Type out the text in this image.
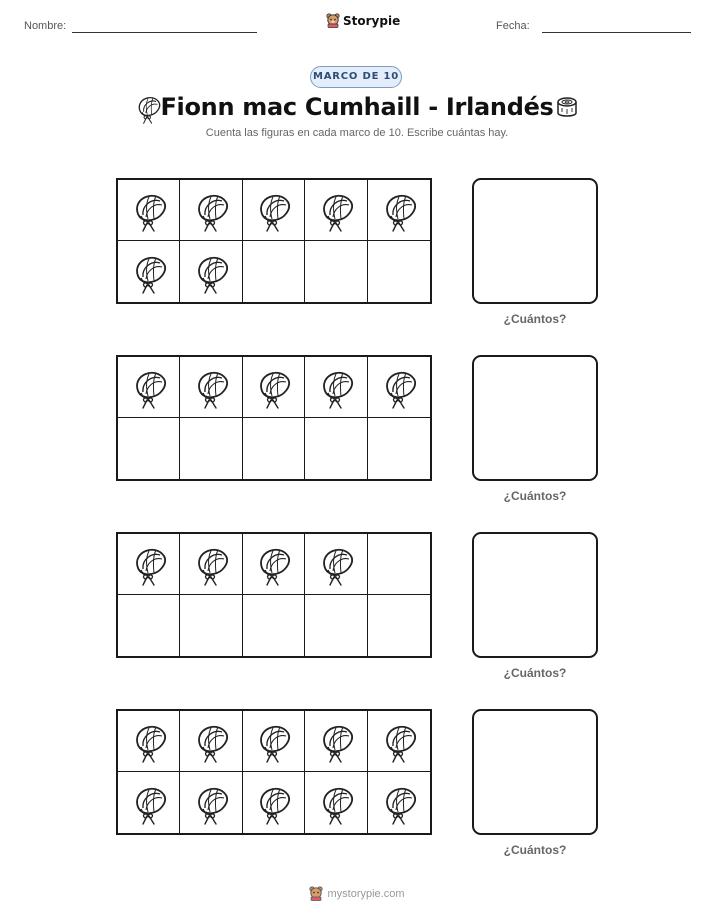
Nombre:	Storypie	Fecha:
MARCO DE 10
Fionn mac Cumhaill - Irlandés
Cuenta las figuras en cada marco de 10. Escribe cuántas hay.
¿Cuántos?
¿Cuántos?
¿Cuántos?
¿Cuántos?
mystorypie.com
